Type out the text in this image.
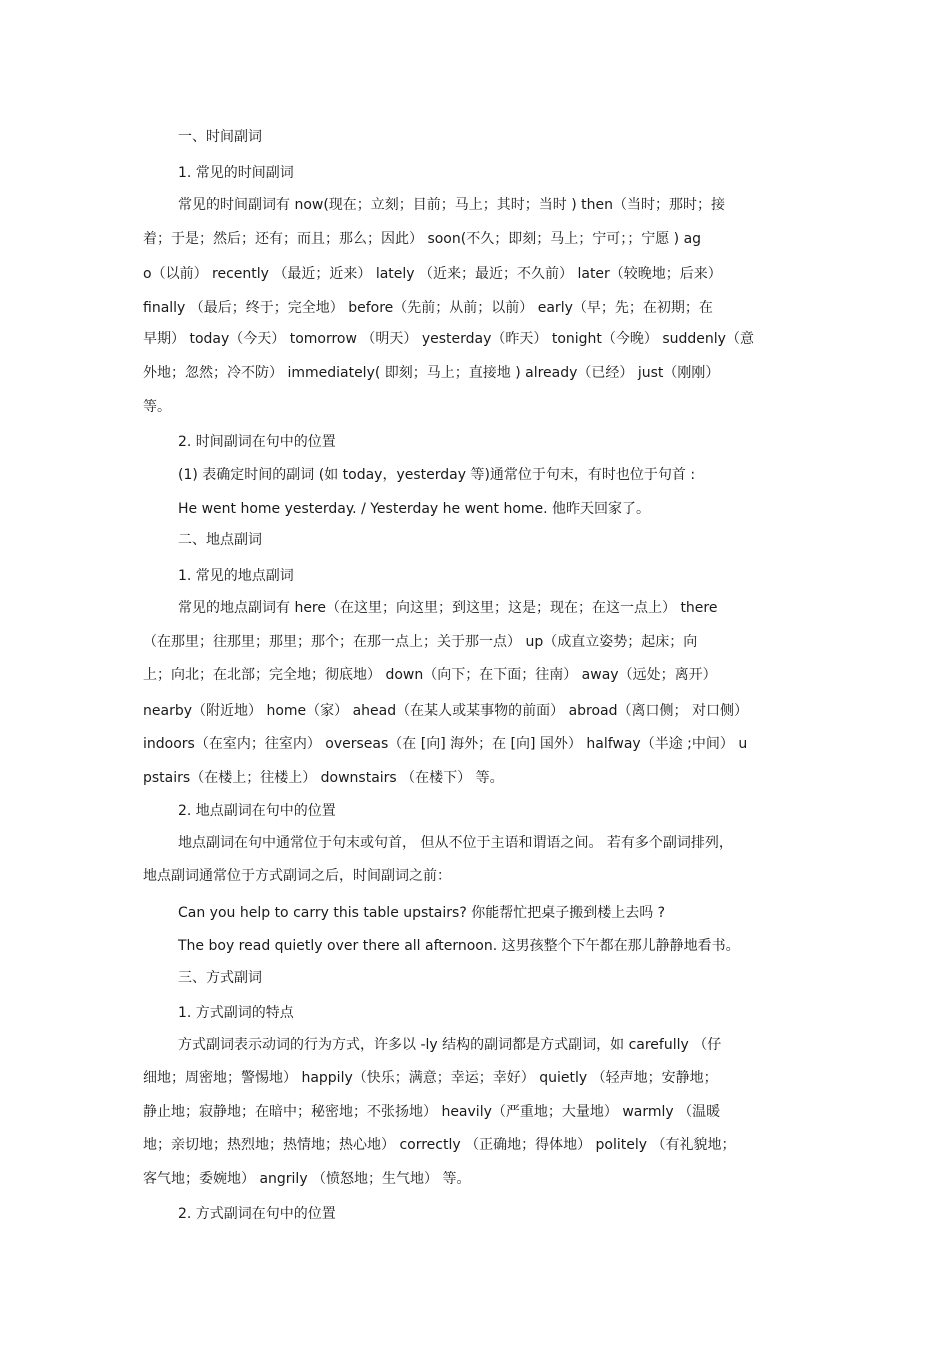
一、时间副词
1. 常见的时间副词
常见的时间副词有 now(现在；立刻；目前；马上；其时；当时 ) then（当时；那时；接
着；于是；然后；还有；而且；那么；因此） soon(不久；即刻；马上；宁可；；宁愿 ) ag
o（以前） recently （最近；近来） lately （近来；最近；不久前） later（较晚地；后来）
finally （最后；终于；完全地） before（先前；从前；以前） early（早；先；在初期；在
早期） today（今天） tomorrow （明天） yesterday（昨天） tonight（今晚） suddenly（意
外地；忽然；冷不防） immediately( 即刻；马上；直接地 ) already（已经） just（刚刚）
等。
2. 时间副词在句中的位置
(1) 表确定时间的副词 (如 today，yesterday 等)通常位于句末，有时也位于句首 :
He went home yesterday. / Yesterday he went home. 他昨天回家了。
二、地点副词
1. 常见的地点副词
常见的地点副词有 here（在这里；向这里；到这里；这是；现在；在这一点上） there
（在那里；往那里；那里；那个；在那一点上；关于那一点） up（成直立姿势；起床；向
上；向北；在北部；完全地；彻底地） down（向下；在下面；往南） away（远处；离开）
nearby（附近地） home（家） ahead（在某人或某事物的前面） abroad（离口侧； 对口侧）
indoors（在室内；往室内） overseas（在 [向] 海外；在 [向] 国外） halfway（半途 ;中间） u
pstairs（在楼上；往楼上） downstairs （在楼下） 等。
2. 地点副词在句中的位置
地点副词在句中通常位于句末或句首， 但从不位于主语和谓语之间。 若有多个副词排列，
地点副词通常位于方式副词之后，时间副词之前：
Can you help to carry this table upstairs? 你能帮忙把桌子搬到楼上去吗 ?
The boy read quietly over there all afternoon. 这男孩整个下午都在那儿静静地看书。
三、方式副词
1. 方式副词的特点
方式副词表示动词的行为方式，许多以 -ly 结构的副词都是方式副词，如 carefully （仔
细地；周密地；警惕地） happily（快乐；满意；幸运；幸好） quietly （轻声地；安静地；
静止地；寂静地；在暗中；秘密地；不张扬地） heavily（严重地；大量地） warmly （温暖
地；亲切地；热烈地；热情地；热心地） correctly （正确地；得体地） politely （有礼貌地；
客气地；委婉地） angrily （愤怒地；生气地） 等。
2. 方式副词在句中的位置
